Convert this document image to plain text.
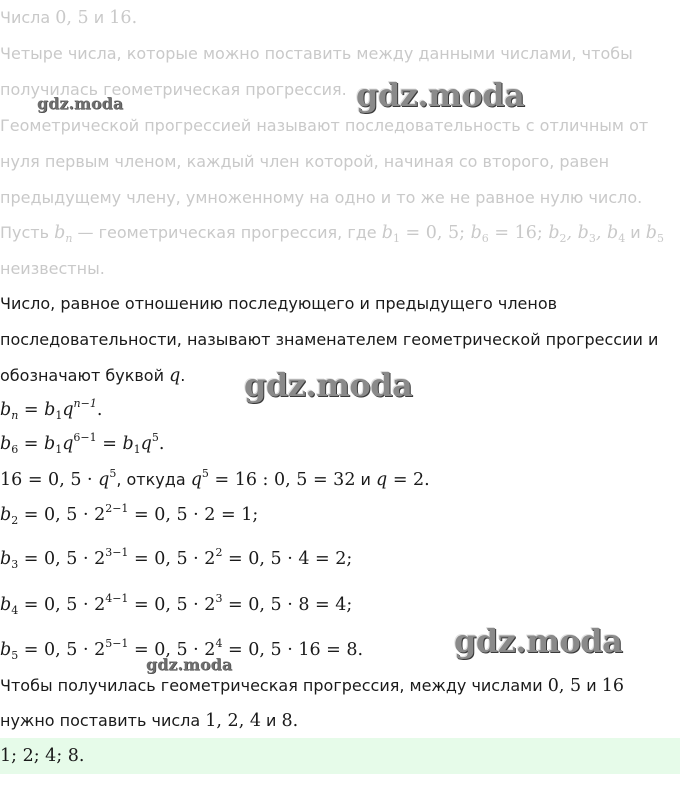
Числа 0, 5 и 16.
Четыре числа, которые можно поставить между данными числами, чтобы
получилась геометрическая прогрессия.
Геометрической прогрессией называют последовательность с отличным от
нуля первым членом, каждый член которой, начиная со второго, равен
предыдущему члену, умноженному на одно и то же не равное нулю число.
Пусть $b_n$ — геометрическая прогрессия, где $b_1 = 0$, 5; $b_6 = 16$; $b_2$, $b_3$, $b_4$ и $b_5$
неизвестны.
Число, равное отношению последующего и предыдущего членов
последовательности, называют знаменателем геометрической прогрессии и
обозначают буквой q.
$b_n = b_1q^{n-1}$.
$b_6 = b_1q^{6-1} = b_1q^5$.
16 = 0, $5 \cdot q^5$, откуда $q^5 = 16$ : 0, 5 = 32 и q = 2.
$b_2 = 0$, $5 \cdot 2^{2-1} = 0$, 5 · 2 = 1;
$b_3 = 0$, $5 \cdot 2^{3-1} = 0$, $5 \cdot 2^2 = 0$, 5 · 4 = 2;
$b_4 = 0$, $5 \cdot 2^{4-1} = 0$, $5 \cdot 2^3 = 0$, 5 · 8 = 4;
$b_5 = 0$, $5 \cdot 2^{5-1} = 0$, $5 \cdot 2^4 = 0$, 5 · 16 = 8.
Чтобы получилась геометрическая прогрессия, между числами 0, 5 и 16
нужно поставить числа 1, 2, 4 и 8.
1; 2; 4; 8.
gdz.moda	gdz.moda
gdz.moda
gdz.moda
gdz.moda
